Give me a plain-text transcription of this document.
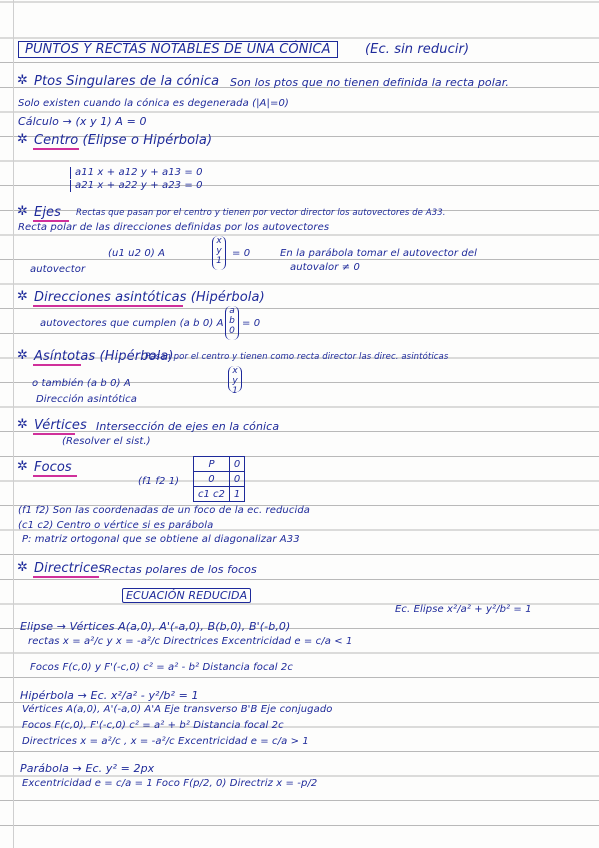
PUNTOS Y RECTAS NOTABLES DE UNA CÓNICA	(Ec. sin reducir)
✲ Ptos Singulares de la cónica Son los ptos que no tienen definida la recta polar.
Solo existen cuando la cónica es degenerada (|A|=0)
Cálculo → (x y 1) A = 0
✲ Centro (Elipse o Hipérbola)
a11 x + a12 y + a13 = 0
a21 x + a22 y + a23 = 0
✲ Ejes Rectas que pasan por el centro y tienen por vector director los autovectores de A33.
Recta polar de las direcciones definidas por los autovectores
(u1 u2 0) A
x
y
1
= 0
autovector
En la parábola tomar el autovector del
autovalor ≠ 0
✲ Direcciones asintóticas (Hipérbola)
autovectores que cumplen (a b 0) A
a
b
0
= 0
✲ Asíntotas (Hipérbola)
Pasan por el centro y tienen como recta director las direc. asintóticas
o también (a b 0) A
x
y
1
Dirección asintótica
✲ Vértices Intersección de ejes en la cónica
(Resolver el sist.)
✲ Focos
(f1 f2 1)
P	0
0	0
c1 c2	1
(f1 f2) Son las coordenadas de un foco de la ec. reducida
(c1 c2) Centro o vértice si es parábola
P: matriz ortogonal que se obtiene al diagonalizar A33
✲ Directrices
Rectas polares de los focos
ECUACIÓN REDUCIDA
Ec. Elipse x²/a² + y²/b² = 1
Elipse → Vértices A(a,0), A'(-a,0), B(b,0), B'(-b,0)
rectas x = a²/c y x = -a²/c Directrices Excentricidad e = c/a < 1
Focos F(c,0) y F'(-c,0) c² = a² - b² Distancia focal 2c
Hipérbola → Ec. x²/a² - y²/b² = 1
Vértices A(a,0), A'(-a,0) A'A Eje transverso B'B Eje conjugado
Focos F(c,0), F'(-c,0) c² = a² + b² Distancia focal 2c
Directrices x = a²/c , x = -a²/c Excentricidad e = c/a > 1
Parábola → Ec. y² = 2px
Excentricidad e = c/a = 1 Foco F(p/2, 0) Directriz x = -p/2
